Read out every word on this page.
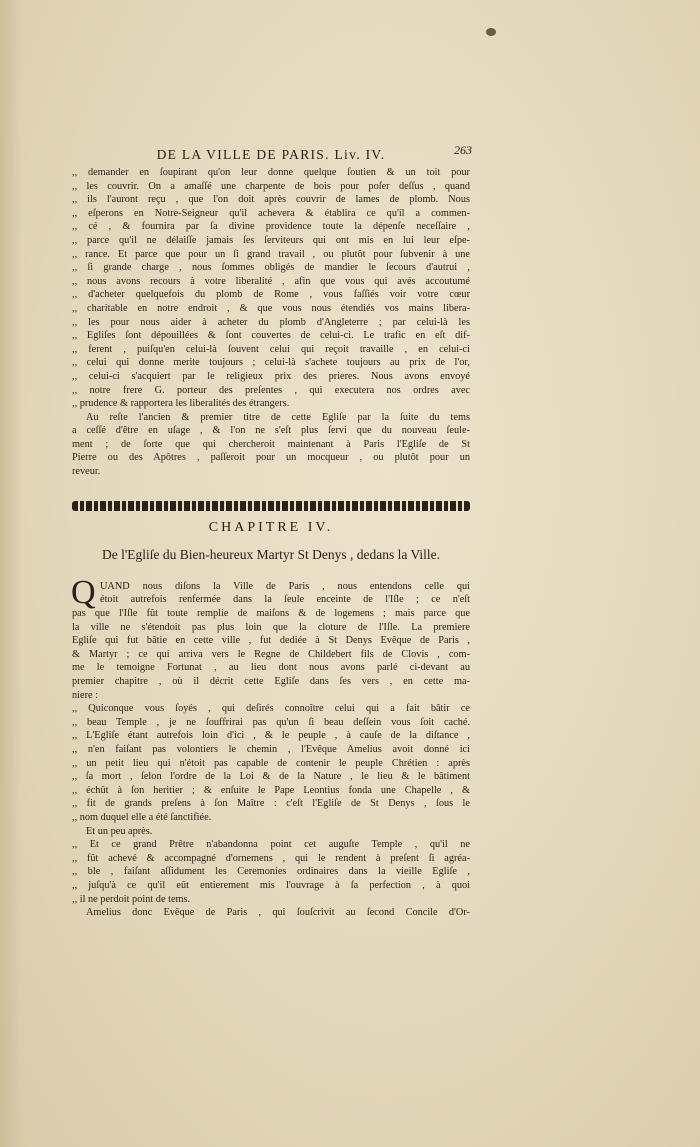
DE LA VILLE DE PARIS. Liv. IV.	263
,, demander en ſoupirant qu'on leur donne quelque ſoutien & un toit pour
,, les couvrir. On a amaſſé une charpente de bois pour poſer deſſus , quand
,, ils l'auront reçu , que l'on doit après couvrir de lames de plomb. Nous
,, eſperons en Notre-Seigneur qu'il achevera & établira ce qu'il a commen-
,, cé , & fournira par ſa divine providence toute la dépenſe neceſſaire ,
,, parce qu'il ne délaiſſe jamais ſes ſerviteurs qui ont mis en lui leur eſpe-
,, rance. Et parce que pour un ſi grand travail , ou plutôt pour ſubvenir à une
,, ſi grande charge , nous ſommes obligés de mandier le ſecours d'autrui ,
,, nous avons recours à votre liberalité , afin que vous qui avés accoutumé
,, d'acheter quelquefois du plomb de Rome , vous faſſiés voir votre cœur
,, charitable en notre endroit , & que vous nous étendiés vos mains libera-
,, les pour nous aider à acheter du plomb d'Angleterre ; par celui-là les
,, Egliſes ſont dépouillées & ſont couvertes de celui-ci. Le trafic en eſt dif-
,, ferent , puiſqu'en celui-là ſouvent celui qui reçoit travaille , en celui-ci
,, celui qui donne merite toujours ; celui-là s'achete toujours au prix de l'or,
,, celui-ci s'acquiert par le religieux prix des prieres. Nous avons envoyé
,, notre frere G. porteur des preſentes , qui executera nos ordres avec
,, prudence & rapportera les liberalités des étrangers.
Au reſte l'ancien & premier titre de cette Egliſe par la ſuite du tems
a ceſſé d'être en uſage , & l'on ne s'eſt plus ſervi que du nouveau ſeule-
ment ; de ſorte que qui chercheroit maintenant à Paris l'Egliſe de St
Pierre ou des Apôtres , paſſeroit pour un mocqueur , ou plutôt pour un
reveur.
CHAPITRE IV.
De l'Egliſe du Bien-heureux Martyr St Denys , dedans la Ville.
Q UAND nous diſons la Ville de Paris , nous entendons celle qui
étoit autrefois renfermée dans la ſeule enceinte de l'Iſle ; ce n'eſt
pas que l'Iſle fût toute remplie de maiſons & de logemens ; mais parce que
la ville ne s'étendoit pas plus loin que la cloture de l'Iſle. La premiere
Egliſe qui fut bâtie en cette ville , fut dediée à St Denys Evêque de Paris ,
& Martyr ; ce qui arriva vers le Regne de Childebert fils de Clovis , com-
me le temoigne Fortunat , au lieu dont nous avons parlé ci-devant au
premier chapitre , où il décrit cette Egliſe dans ſes vers , en cette ma-
niere :
,, Quiconque vous ſoyés , qui deſirés connoître celui qui a fait bâtir ce
,, beau Temple , je ne ſouffrirai pas qu'un ſi beau deſſein vous ſoit caché.
,, L'Egliſe étant autrefois loin d'ici , & le peuple , à cauſe de la diſtance ,
,, n'en faiſant pas volontiers le chemin , l'Evêque Amelius avoit donné ici
,, un petit lieu qui n'étoit pas capable de contenir le peuple Chrétien : après
,, ſa mort , ſelon l'ordre de la Loi & de la Nature , le lieu & le bâtiment
,, échût à ſon heritier ; & enſuite le Pape Leontius fonda une Chapelle , &
,, fit de grands preſens à ſon Maître : c'eſt l'Egliſe de St Denys , ſous le
,, nom duquel elle a été ſanctifiée.
Et un peu après.
,, Et ce grand Prêtre n'abandonna point cet auguſte Temple , qu'il ne
,, fût achevé & accompagné d'ornemens , qui le rendent à preſent ſi agréa-
,, ble , faiſant aſſidument les Ceremonies ordinaires dans la vieille Egliſe ,
,, juſqu'à ce qu'il eût entierement mis l'ouvrage à ſa perfection , à quoi
,, il ne perdoit point de tems.
Amelius donc Evêque de Paris , qui ſouſcrivit au ſecond Concile d'Or-
